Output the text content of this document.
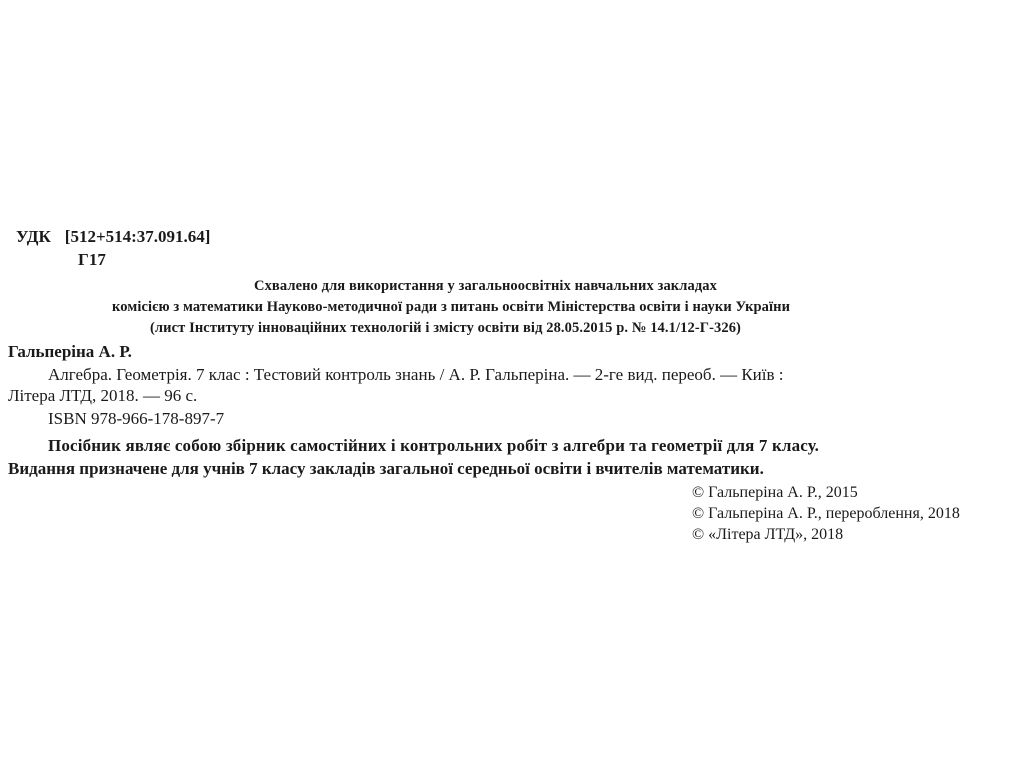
УДК [512+514:37.091.64]
Г17
Схвалено для використання у загальноосвітніх навчальних закладах
комісією з математики Науково-методичної ради з питань освіти Міністерства освіти і науки України
(лист Інституту інноваційних технологій і змісту освіти від 28.05.2015 р. № 14.1/12-Г-326)
Гальперіна А. Р.
Алгебра. Геометрія. 7 клас : Тестовий контроль знань / А. Р. Гальперіна. — 2-ге вид. переоб. — Київ :
Літера ЛТД, 2018. — 96 с.
ISBN 978-966-178-897-7
Посібник являє собою збірник самостійних і контрольних робіт з алгебри та геометрії для 7 класу.
Видання призначене для учнів 7 класу закладів загальної середньої освіти і вчителів математики.
© Гальперіна А. Р., 2015
© Гальперіна А. Р., перероблення, 2018
© «Літера ЛТД», 2018
